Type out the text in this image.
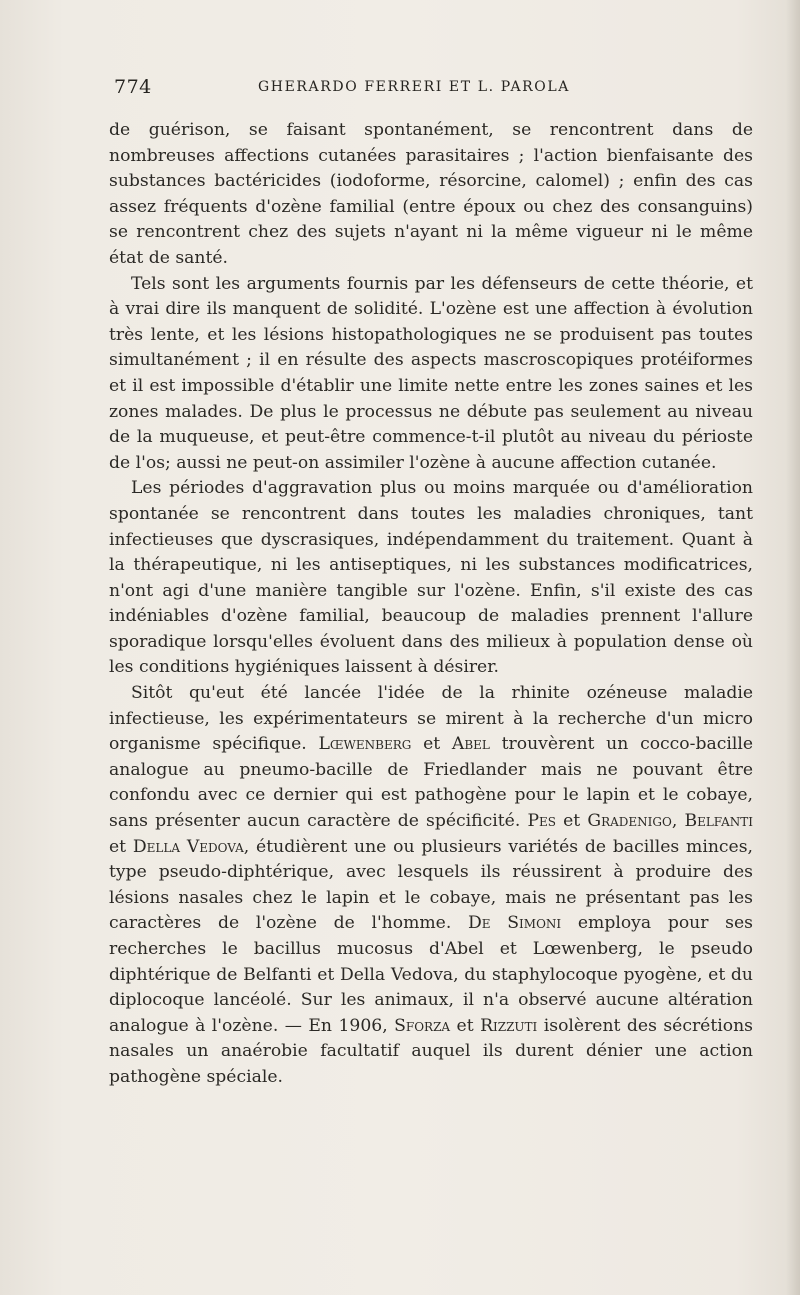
774	GHERARDO FERRERI ET L. PAROLA

de guérison, se faisant spontanément, se rencontrent dans de nombreuses affections cutanées parasitaires ; l'action bienfaisante des substances bactéricides (iodoforme, résorcine, calomel) ; enfin des cas assez fréquents d'ozène familial (entre époux ou chez des consanguins) se rencontrent chez des sujets n'ayant ni la même vigueur ni le même état de santé.

Tels sont les arguments fournis par les défenseurs de cette théorie, et à vrai dire ils manquent de solidité. L'ozène est une affection à évolution très lente, et les lésions histopathologiques ne se produisent pas toutes simultanément ; il en résulte des aspects mascroscopiques protéiformes et il est impossible d'établir une limite nette entre les zones saines et les zones malades. De plus le processus ne débute pas seulement au niveau de la muqueuse, et peut-être commence-t-il plutôt au niveau du périoste de l'os; aussi ne peut-on assimiler l'ozène à aucune affection cutanée.

Les périodes d'aggravation plus ou moins marquée ou d'amélioration spontanée se rencontrent dans toutes les maladies chroniques, tant infectieuses que dyscrasiques, indépendamment du traitement. Quant à la thérapeutique, ni les antiseptiques, ni les substances modificatrices, n'ont agi d'une manière tangible sur l'ozène. Enfin, s'il existe des cas indéniables d'ozène familial, beaucoup de maladies prennent l'allure sporadique lorsqu'elles évoluent dans des milieux à population dense où les conditions hygiéniques laissent à désirer.

Sitôt qu'eut été lancée l'idée de la rhinite ozéneuse maladie infectieuse, les expérimentateurs se mirent à la recherche d'un micro organisme spécifique. Lœwenberg et Abel trouvèrent un cocco-bacille analogue au pneumo-bacille de Friedlander mais ne pouvant être confondu avec ce dernier qui est pathogène pour le lapin et le cobaye, sans présenter aucun caractère de spécificité. Pes et Gradenigo, Belfanti et Della Vedova, étudièrent une ou plusieurs variétés de bacilles minces, type pseudo-diphtérique, avec lesquels ils réussirent à produire des lésions nasales chez le lapin et le cobaye, mais ne présentant pas les caractères de l'ozène de l'homme. De Simoni employa pour ses recherches le bacillus mucosus d'Abel et Lœwenberg, le pseudo diphtérique de Belfanti et Della Vedova, du staphylocoque pyogène, et du diplocoque lancéolé. Sur les animaux, il n'a observé aucune altération analogue à l'ozène. — En 1906, Sforza et Rizzuti isolèrent des sécrétions nasales un anaérobie facultatif auquel ils durent dénier une action pathogène spéciale.
